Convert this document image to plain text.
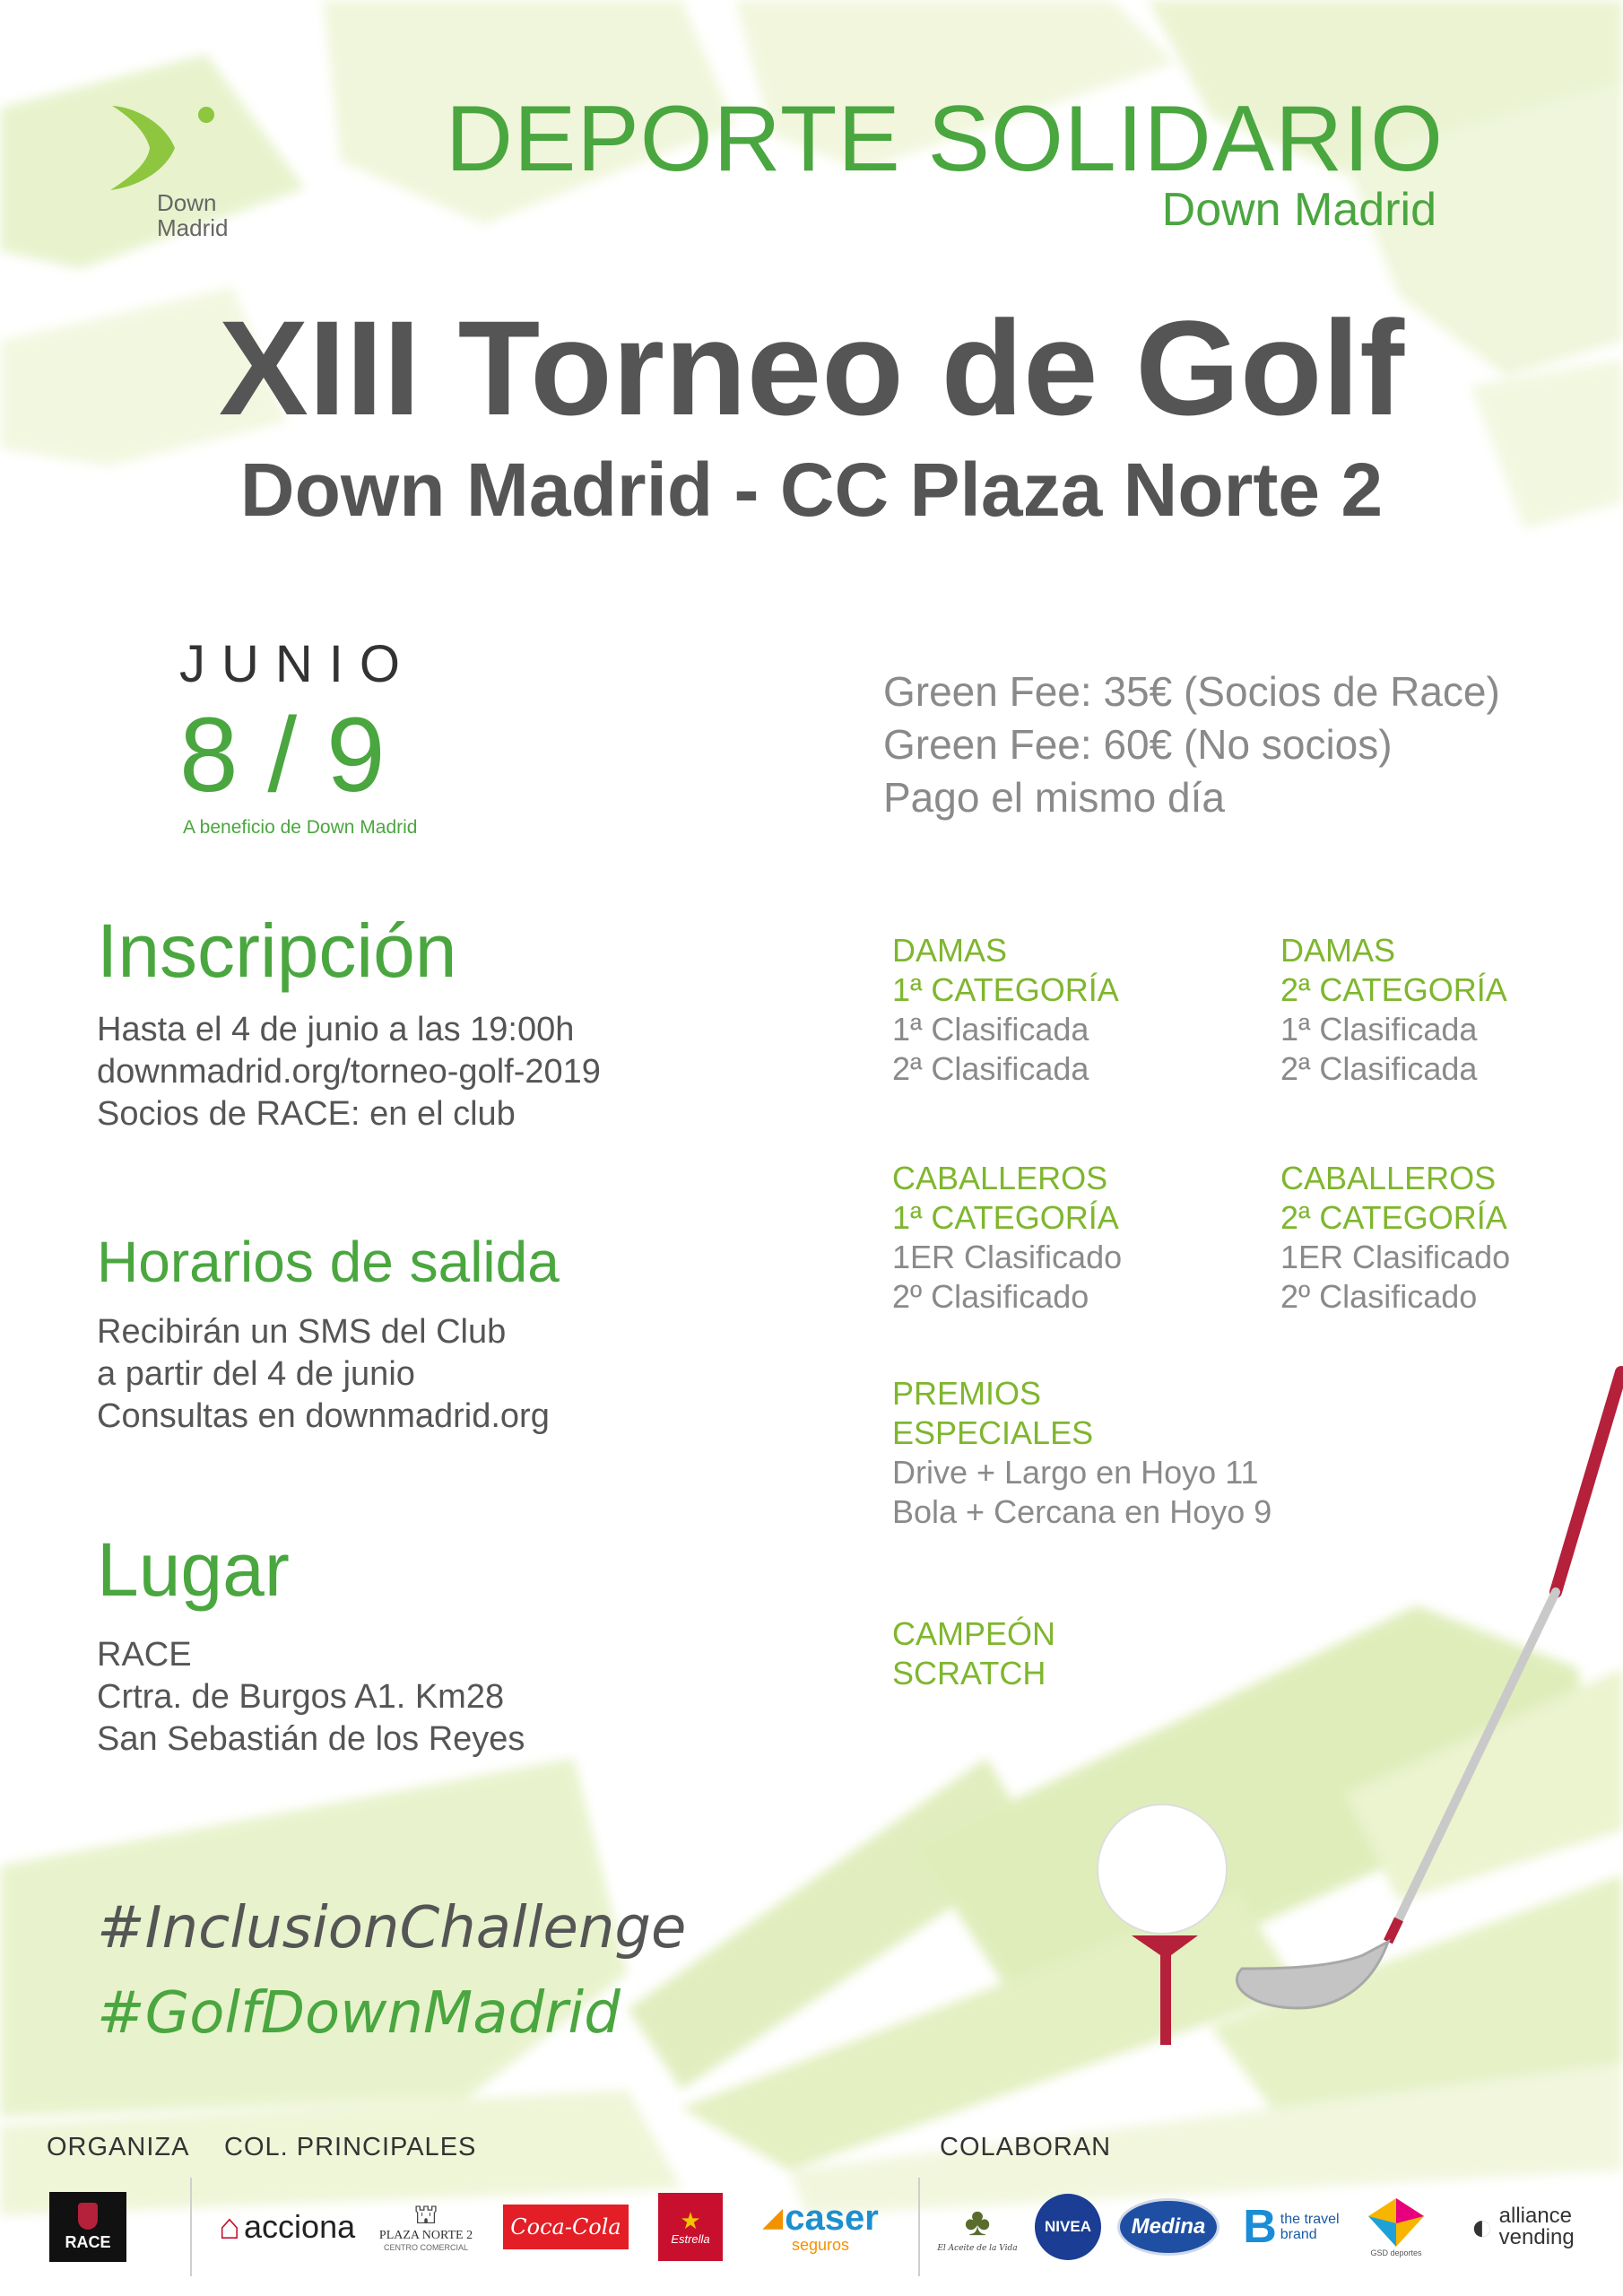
Down
Madrid
DEPORTE SOLIDARIO
Down Madrid
XIII Torneo de Golf
Down Madrid - CC Plaza Norte 2
JUNIO
8 / 9
A beneficio de Down Madrid
Green Fee: 35€ (Socios de Race)
Green Fee: 60€ (No socios)
Pago el mismo día
Inscripción
Hasta el 4 de junio a las 19:00h
downmadrid.org/torneo-golf-2019
Socios de RACE: en el club
Horarios de salida
Recibirán un SMS del Club
a partir del 4 de junio
Consultas en downmadrid.org
Lugar
RACE
Crtra. de Burgos A1. Km28
San Sebastián de los Reyes
DAMAS
1ª CATEGORÍA
1ª Clasificada
2ª Clasificada
DAMAS
2ª CATEGORÍA
1ª Clasificada
2ª Clasificada
CABALLEROS
1ª CATEGORÍA
1ER Clasificado
2º Clasificado
CABALLEROS
2ª CATEGORÍA
1ER Clasificado
2º Clasificado
PREMIOS
ESPECIALES
Drive + Largo en Hoyo 11
Bola + Cercana en Hoyo 9
CAMPEÓN
SCRATCH
#InclusionChallenge
#GolfDownMadrid
ORGANIZA COL. PRINCIPALES	COLABORAN
RACE	⌂ acciona ⛫
PLAZA NORTE 2
CENTRO COMERCIAL
Coca-Cola	★
Estrella
◢ caser
seguros
♣
El Aceite de la Vida
NIVEA Medina B the travel brand
GSD deportes
◐ alliance
vending
